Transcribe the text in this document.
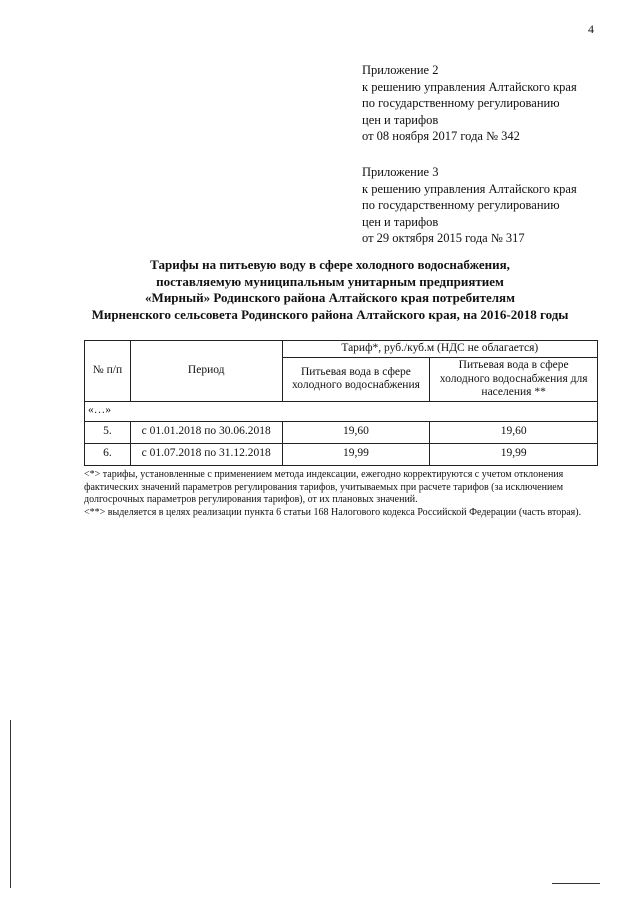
4
Приложение 2
к решению управления Алтайского края
по государственному регулированию
цен и тарифов
от 08 ноября 2017 года № 342
Приложение 3
к решению управления Алтайского края
по государственному регулированию
цен и тарифов
от 29 октября 2015 года № 317
Тарифы на питьевую воду в сфере холодного водоснабжения,
поставляемую муниципальным унитарным предприятием
«Мирный» Родинского района Алтайского края потребителям
Мирненского сельсовета Родинского района Алтайского края, на 2016-2018 годы
№ п/п	Период	Тариф*, руб./куб.м (НДС не облагается)	
		Питьевая вода в сфере холодного водоснабжения	Питьевая вода в сфере холодного водоснабжения для населения **
«…»			
5.	с 01.01.2018 по 30.06.2018	19,60	19,60
6.	с 01.07.2018 по 31.12.2018	19,99	19,99

<*> тарифы, установленные с применением метода индексации, ежегодно корректируются с учетом отклонения фактических значений параметров регулирования тарифов, учитываемых при расчете тарифов (за исключением долгосрочных параметров регулирования тарифов), от их плановых значений.

<**> выделяется в целях реализации пункта 6 статьи 168 Налогового кодекса Российской Федерации (часть вторая).
